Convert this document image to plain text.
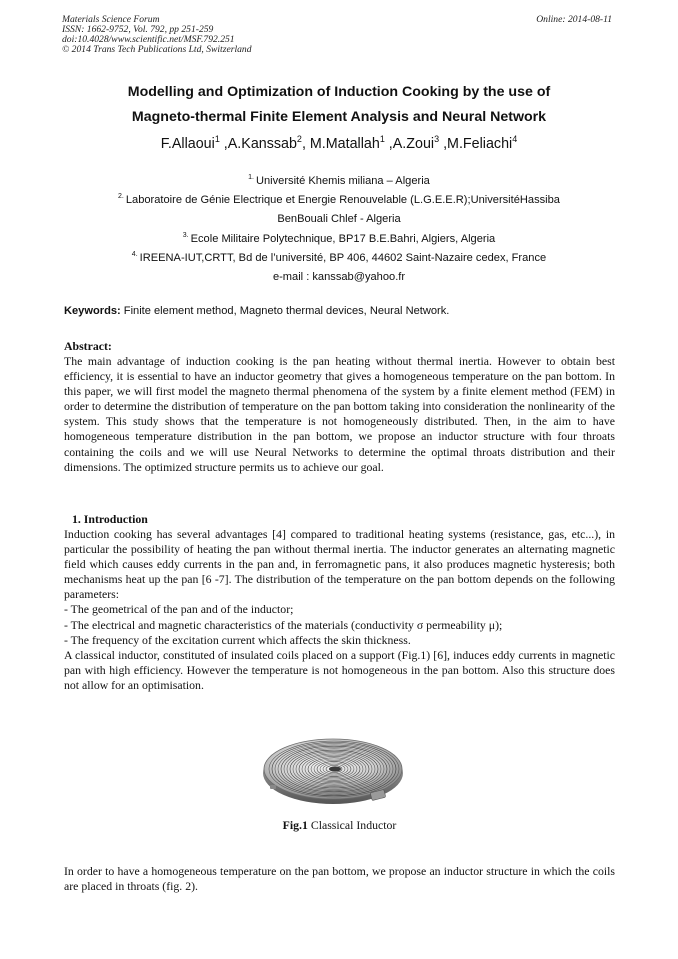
Materials Science Forum
ISSN: 1662-9752, Vol. 792, pp 251-259
doi:10.4028/www.scientific.net/MSF.792.251
© 2014 Trans Tech Publications Ltd, Switzerland
Online: 2014-08-11
Modelling and Optimization of Induction Cooking by the use of
Magneto-thermal Finite Element Analysis and Neural Network
F.Allaoui$^1$ ,A.Kanssab$^2$, M.Matallah$^1$ ,A.Zoui$^3$ ,M.Feliachi$^4$
$^{1.}$ Université Khemis miliana – Algeria
$^{2.}$ Laboratoire de Génie Electrique et Energie Renouvelable (L.G.E.E.R);UniversitéHassiba
BenBouali Chlef - Algeria
$^{3.}$ Ecole Militaire Polytechnique, BP17 B.E.Bahri, Algiers, Algeria
$^{4.}$ IREENA-IUT,CRTT, Bd de l’université, BP 406, 44602 Saint-Nazaire cedex, France
e-mail : kanssab@yahoo.fr
Keywords: Finite element method, Magneto thermal devices, Neural Network.
Abstract:

The main advantage of induction cooking is the pan heating without thermal inertia. However to obtain best efficiency, it is essential to have an inductor geometry that gives a homogeneous temperature on the pan bottom. In this paper, we will first model the magneto thermal phenomena of the system by a finite element method (FEM) in order to determine the distribution of temperature on the pan bottom taking into consideration the nonlinearity of the system. This study shows that the temperature is not homogeneously distributed. Then, in the aim to have homogeneous temperature distribution in the pan bottom, we propose an inductor structure with four throats containing the coils and we will use Neural Networks to determine the optimal throats distribution and their dimensions. The optimized structure permits us to achieve our goal.

1. Introduction

Induction cooking has several advantages [4] compared to traditional heating systems (resistance, gas, etc...), in particular the possibility of heating the pan without thermal inertia. The inductor generates an alternating magnetic field which causes eddy currents in the pan and, in ferromagnetic pans, it also produces magnetic hysteresis; both mechanisms heat up the pan [6 -7]. The distribution of the temperature on the pan bottom depends on the following parameters:

- The geometrical of the pan and of the inductor;
- The electrical and magnetic characteristics of the materials (conductivity σ permeability μ);
- The frequency of the excitation current which affects the skin thickness.

A classical inductor, constituted of insulated coils placed on a support (Fig.1) [6], induces eddy currents in magnetic pan with high efficiency. However the temperature is not homogeneous in the pan bottom. Also this structure does not allow for an optimisation.

Fig.1 Classical Inductor

In order to have a homogeneous temperature on the pan bottom, we propose an inductor structure in which the coils are placed in throats (fig. 2).
